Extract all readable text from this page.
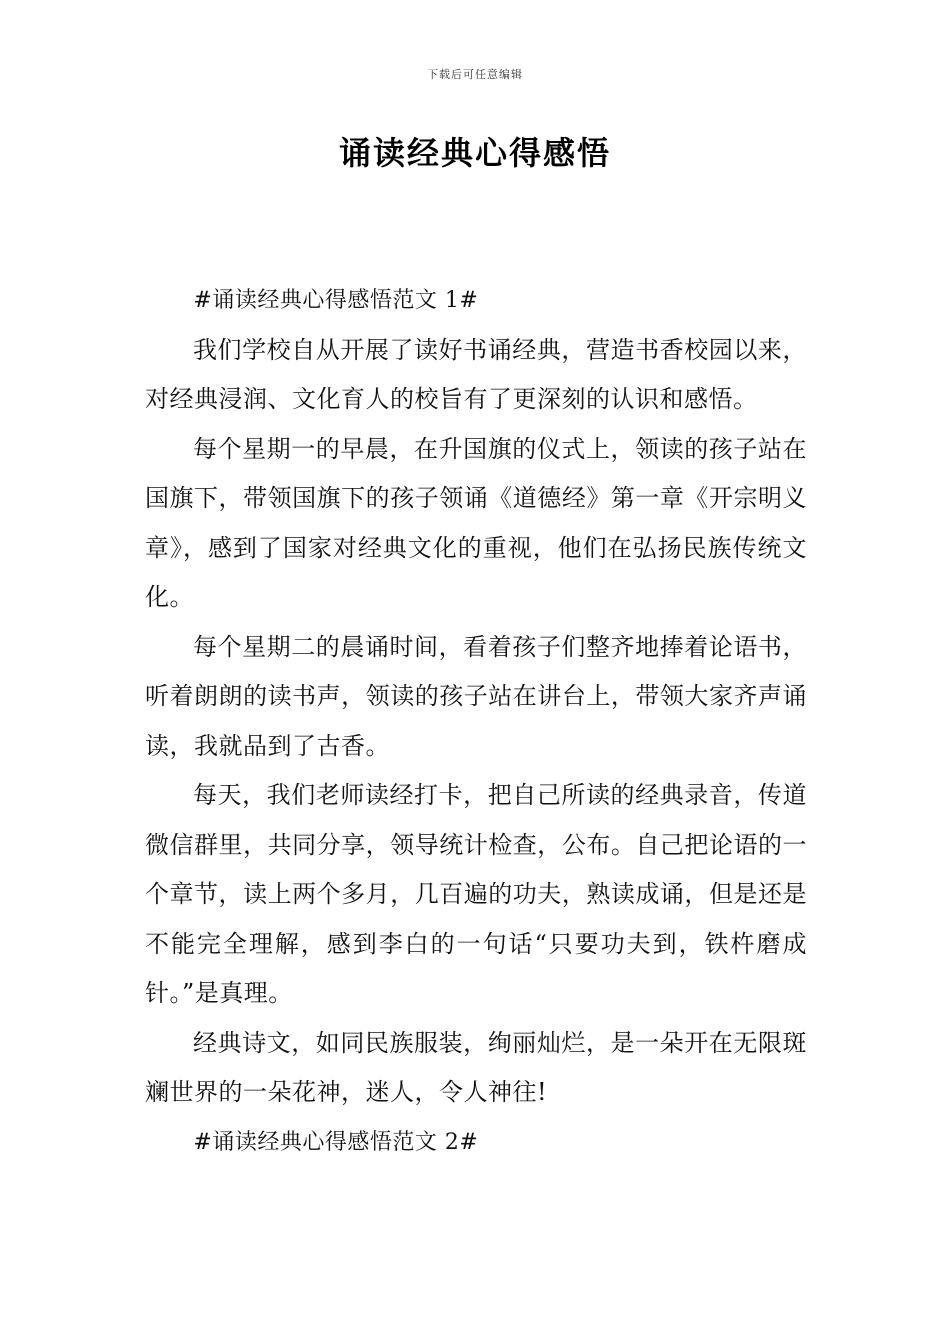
下载后可任意编辑
诵读经典心得感悟

#诵读经典心得感悟范文 1#

我们学校自从开展了读好书诵经典，营造书香校园以来，对经典浸润、文化育人的校旨有了更深刻的认识和感悟。

每个星期一的早晨，在升国旗的仪式上，领读的孩子站在国旗下，带领国旗下的孩子领诵《道德经》第一章《开宗明义章》，感到了国家对经典文化的重视，他们在弘扬民族传统文化。

每个星期二的晨诵时间，看着孩子们整齐地捧着论语书，听着朗朗的读书声，领读的孩子站在讲台上，带领大家齐声诵读，我就品到了古香。

每天，我们老师读经打卡，把自己所读的经典录音，传道微信群里，共同分享，领导统计检查，公布。自己把论语的一个章节，读上两个多月，几百遍的功夫，熟读成诵，但是还是不能完全理解，感到李白的一句话“只要功夫到，铁杵磨成针。”是真理。

经典诗文，如同民族服装，绚丽灿烂，是一朵开在无限斑斓世界的一朵花神，迷人，令人神往!

#诵读经典心得感悟范文 2#
